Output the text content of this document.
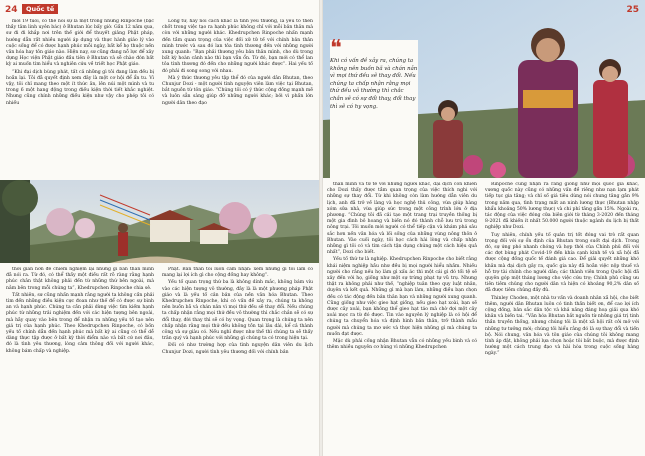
24	Quốc tế

mới 19 tuổi, có thể nói sự là một trong những Rinpoche (bậc thầy tâm linh uyên bác) ở Bhutan lúc bấy giờ. Gần 12 năm qua, sư đi đi khắp nơi trên thế giới để thuyết giảng Phật pháp, hướng dẫn rất nhiều người áp dụng và thực hành giáo lý vào cuộc sống để có được hạnh phúc mỗi ngày, bất kể họ thuộc nền văn hóa hay tôn giáo nào. Hiện nay, sư cũng đang nỗ lực để xây dựng Học viện Phật giáo đầu tiên ở Bhutan và sẽ chào đón bất kỳ ai muốn tìm hiểu và nghiên cứu về triết học Phật giáo.

“Khi đại dịch bùng phát, tất cả những gì tôi đang làm đều bị hoãn lại. Tôi đã quyết định xem đây là một cơ hội để ẩn tu. Vì vậy, tôi chỉ mang theo một ít thức ăn, lên núi một mình và tu trong 6 một hang động trong điều kiện thời tiết khắc nghiệt. Nhưng cũng chính những điều kiện như vậy cho phép tôi có nhiều

Lòng từ, hay nói cách khác là tình yêu thương, là yếu tố then chốt trong việc tạo ra hạnh phúc không chỉ với mỗi bản thân mà còn với những người khác. Khedrupchen Rinpoche nhấn mạnh đến tầm quan trọng của việc đối xử tử tế với chính bản thân mình trước và sau đó lan tỏa tình thương đến với những người xung quanh: “Bạn phải thương yêu bản thân mình, cho dù trong bất kỳ hoàn cảnh nào thì bạn vẫn ổn. Từ đó, bạn mới có thể lan tỏa tình thương đó đến cho những người khác được”. Hai yếu tố đó phải đi song song với nhau.

Mà ý thức thương yêu tập thể đó của người dân Bhutan, theo Chunjur Dozi - một người tình nguyện viên làm việc tại Bhutan, bắt nguồn từ tôn giáo. “Chúng tôi có ý thức cộng đồng mạnh mẽ và luôn sẵn sàng giúp đỡ những người khác; bởi vì phần lớn người dân theo đạo

thời gian hơn để chiêm nghiệm lại những gì bản thân mình đã nói ra. Từ đó, có thể thấy một điều rất rõ ràng rằng hạnh phúc chân thật không phải đến từ những thứ bên ngoài, mà nằm bên trong mỗi chúng ta”, Khedrupchen Rinpoche chia sẻ.

Tất nhiên, sư cũng nhấn mạnh rằng người ta không cần phải tìm đến những điều kiện cực đoan như thế để có được sự bình an và hạnh phúc. Chúng ta cần phải dừng việc tìm kiếm hạnh phúc từ những trải nghiệm đến với các hiện tượng bên ngoài, mà hãy quay vào bên trong để nhận ra những yếu tố tạo nên giá trị của hạnh phúc. Theo Khedrupchen Rinpoche, có bốn yếu tố chính dẫn đến hạnh phúc mà bất kỳ ai cũng có thể dễ dàng thực tập được ở bất kỳ thời điểm nào và bất cứ nơi đâu, đó là tình yêu thương, lòng cảm thông đối với người khác, không bám chấp và nghiệp.

Phật. Bản thân tôi luôn cảm nhận: xem những gì tôi làm có mang lại lợi ích gì cho cộng đồng hay không”.

Yếu tố quan trọng thứ ba là không dính mắc, không bám víu vào các hiện tượng vô thường, đây là là một phương pháp Phật giáo và là yếu tố cản bản của nền văn hóa Bhutan. Theo Khedrupchen Rinpoche, khi có vấn đề xảy ra, chúng ta không nên buồn bã và chán nản vì mọi thứ đều sẽ thay đổi. Nếu chúng ta chấp nhận rằng mọi thứ đều vô thường thì chắc chắn sẽ có sự đổi thay, đời thay thì sẽ có hy vọng. Quan trọng là chúng ta nên chấp nhận rằng mọi thứ đều không tồn tại lâu dài, kể cả thành công và sự giàu có. Nếu nghĩ được như thế thì chúng ta sẽ thấy trân quý và hạnh phúc với những gì chúng ta có trong hiện tại.

Đối có như trường hợp của tình nguyện dân viên du lịch Chunjur Dozi, người tình yêu thương đối với chính bản

25
❝
Khi có vấn đề xảy ra, chúng ta không nên buồn bã và chán nản vì mọi thứ đều sẽ thay đổi. Nếu chúng ta chấp nhận rằng mọi thứ đều vô thường thì chắc chắn sẽ có sự đổi thay, đổi thay thì sẽ có hy vọng.

thân mình và tử tế với những người khác, dại dịch còn khiến cho Dozi thấy được tầm quan trọng của việc thích nghi với những sự thay đổi. Từ khi không còn làm hướng dẫn viên du lịch, anh đã trở về làng và học nghệ thủ công, vừa giúp hàng xóm sửa nhà, vừa giúp sức trong một công trình lớn ở địa phương. “Chúng tôi đã cải tạo một trang trại truyền thống bị một gia đình bỏ hoang và biến nó đó thành chỗ lưu trú trong nông trại. Tôi muốn mời người có thể tiếp cận và khám phá sâu sắc hơn nền văn hóa và lối sống của những vùng nông thôn ở Bhutan. Vào cuối ngày, tôi học cách hài lòng và chấp nhận những gì tôi có và tìm cách tận dụng chúng một cách hiệu quả nhất”, Dozi cho biết.

Yếu tố thứ tư là nghiệp. Khedrupchen Rinpoche cho biết rằng khái niệm nghiệp hầu như đều bị mọi người hiểu nhầm. Nhiều người cho rằng nếu họ làm gì xấu ác thì một cái gì đó tồi tệ sẽ xảy đến với họ, giống như một sự trừng phạt tự vũ trụ. Nhưng thật ra không phải như thế, “nghiệp tuân theo quy luật nhân, duyên và kết quả. Những gì mà bạn làm, những điều bạn chọn đều có tác động đến bản thân bạn và những người xung quanh. Cũng giống như việc gieo hạt giống, nếu gieo hạt xoài, bạn sẽ được cây xoài, bạn không thể gieo hạt táo mà chờ đợi một cây xoài mọc ra từ đó được. Tin vào nguyên lý nghiệp là có hội để chúng ta chuyển hóa và định hình bản thân, trở thành mẫu người mà chúng ta mơ ước và thực hiện những gì mà chúng ta muốn đạt được.

Mặc dù phải cống nhận Bhutan vẫn có những yếu bình và có thêm nhiều nguyên cơ hùng vì những Khedrupchen

Rinpoche cũng nhận ra rằng giống như mọi quốc gia khác, vương quốc này cũng có những vấn đề riêng như nạn lạm phát tiếp tục gia tăng; và chỉ số giá tiêu dùng nói chung tăng gần 9% trong năm qua, tình trạng mất an ninh lương thực (Bhutan nhập khẩu khoảng 50% lương thực) và chi phí tăng gần 15%. Ngoài ra, tác động của việc đóng cửa biên giới từ tháng 3-2020 đến tháng 8-2021 đã khiến ít nhất 50.000 người thuộc ngành du lịch bị thất nghiệp như Dozi.

Tuy nhiên, chính yếu tố quản trị tốt đóng vai trò rất quan trọng đối với sự ổn định của Bhutan trong suốt đại dịch. Trong đó, sự ứng phó nhanh chóng và hợp thời của Chính phủ đối với các đợt bùng phát Covid-19 đến khía cạnh kinh tế và xã hội đã được cộng đồng quốc tế đánh giá cao. Để giải quyết những khó khăn mà đại dịch gây ra, quốc gia này đã hoãn việc nộp thuế và hỗ trợ tài chính cho người dân; các thành viên trong Quốc hội đã quyên góp một tháng lương cho việc cứu trợ; Chính phủ cũng ưu tiên tiêm chủng cho người dân và hiện có khoảng 90,2% dân số đã được tiêm chủng đầy đủ.

Thinley Choden, một nhà tư vấn và doanh nhân xã hội, cho biết thêm, người dân Bhutan luôn có tinh thần biết ơn, để cao lợi ích cộng đồng, bản sắc dân tộc và khả năng đáng hoạ giải qua khó khăn và biến tai. “Văn hóa Bhutan bắt nguồn từ những giá trị tinh thần truyền thống, nhưng chúng tôi là một xã hội rất cởi mở với những tư tưởng mới; chúng tôi hiểu rằng đó là sự thay đổi và tiến bộ. Nói chung, văn hóa và tôn giáo của chúng tôi không mang tính áp đặt, không phải lựa chọn hoặc tôi bắt buộc, mà được định hướng một cách trung đạo và hài hòa trong cuộc sống hàng ngày.”
